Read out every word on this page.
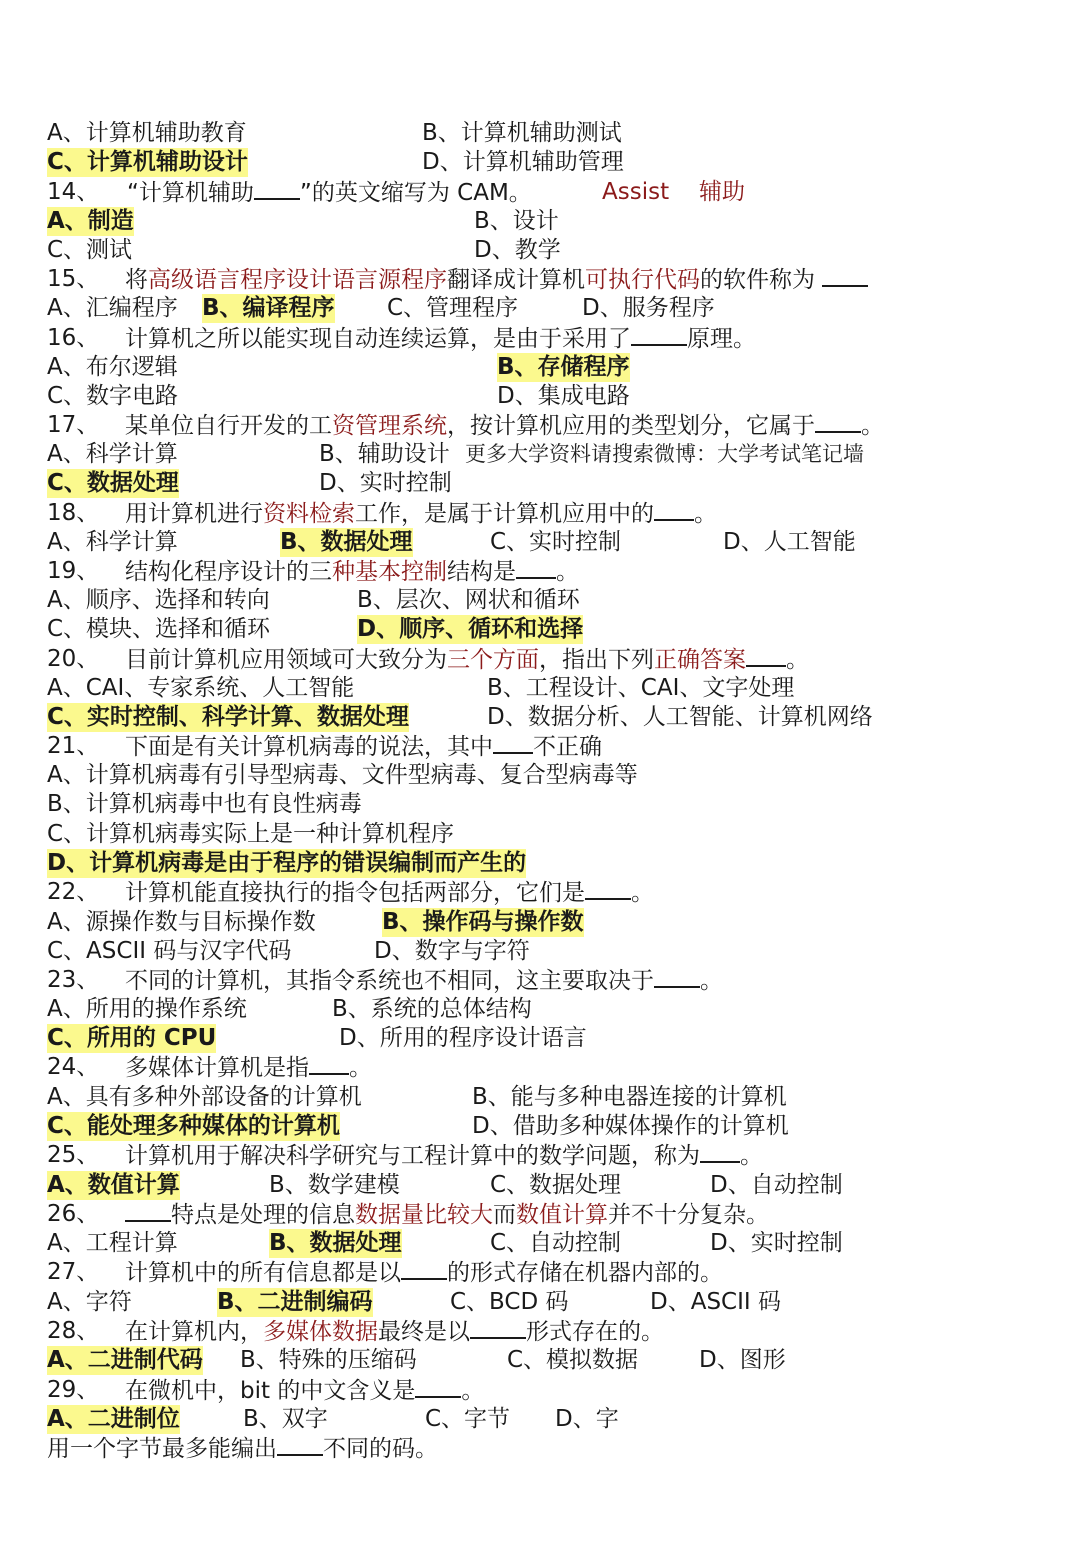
A、计算机辅助教育	B、计算机辅助测试
C、计算机辅助设计	D、计算机辅助管理
14、 “计算机辅助 ”的英文缩写为 CAM。	Assist 辅助
A、制造	B、设计
C、测试	D、教学
15、 将高级语言程序设计语言源程序翻译成计算机可执行代码的软件称为
A、汇编程序 B、编译程序 C、管理程序	D、服务程序
16、 计算机之所以能实现自动连续运算，是由于采用了 原理。
A、布尔逻辑	B、存储程序
C、数字电路	D、集成电路
17、 某单位自行开发的工资管理系统，按计算机应用的类型划分，它属于 。
A、科学计算	B、辅助设计 更多大学资料请搜索微博：大学考试笔记墙
C、数据处理	D、实时控制
18、 用计算机进行资料检索工作，是属于计算机应用中的 。
A、科学计算	B、数据处理	C、实时控制	D、人工智能
19、 结构化程序设计的三种基本控制结构是 。
A、顺序、选择和转向	B、层次、网状和循环
C、模块、选择和循环	D、顺序、循环和选择
20、 目前计算机应用领域可大致分为三个方面，指出下列正确答案 。
A、CAI、专家系统、人工智能	B、工程设计、CAI、文字处理
C、实时控制、科学计算、数据处理	D、数据分析、人工智能、计算机网络
21、 下面是有关计算机病毒的说法，其中 不正确
A、计算机病毒有引导型病毒、文件型病毒、复合型病毒等
B、计算机病毒中也有良性病毒
C、计算机病毒实际上是一种计算机程序
D、计算机病毒是由于程序的错误编制而产生的
22、 计算机能直接执行的指令包括两部分，它们是 。
A、源操作数与目标操作数	B、操作码与操作数
C、ASCII 码与汉字代码	D、数字与字符
23、 不同的计算机，其指令系统也不相同，这主要取决于 。
A、所用的操作系统	B、系统的总体结构
C、所用的 CPU	D、所用的程序设计语言
24、 多媒体计算机是指 。
A、具有多种外部设备的计算机	B、能与多种电器连接的计算机
C、能处理多种媒体的计算机	D、借助多种媒体操作的计算机
25、 计算机用于解决科学研究与工程计算中的数学问题，称为 。
A、数值计算	B、数学建模	C、数据处理	D、自动控制
26、	特点是处理的信息数据量比较大而数值计算并不十分复杂。
A、工程计算	B、数据处理	C、自动控制	D、实时控制
27、 计算机中的所有信息都是以 的形式存储在机器内部的。
A、字符	B、二进制编码	C、BCD 码	D、ASCII 码
28、 在计算机内，多媒体数据最终是以 形式存在的。
A、二进制代码 B、特殊的压缩码	C、模拟数据	D、图形
29、 在微机中，bit 的中文含义是 。
A、二进制位	B、双字	C、字节 D、字
用一个字节最多能编出 不同的码。
